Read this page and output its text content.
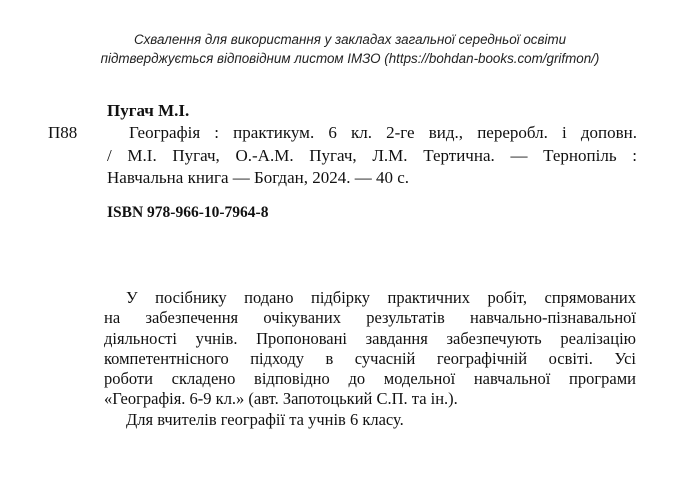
Схвалення для використання у закладах загальної середньої освіти
підтверджується відповідним листом ІМЗО (https://bohdan-books.com/grifmon/)
П88
Пугач М.І.
Географія : практикум. 6 кл. 2-ге вид., переробл. і доповн.
/ М.І. Пугач, О.-А.М. Пугач, Л.М. Тертична. — Тернопіль :
Навчальна книга — Богдан, 2024. — 40 с.
ISBN 978-966-10-7964-8
У посібнику подано підбірку практичних робіт, спрямованих
на забезпечення очікуваних результатів навчально-пізнавальної
діяльності учнів. Пропоновані завдання забезпечують реалізацію
компетентнісного підходу в сучасній географічній освіті. Усі
роботи складено відповідно до модельної навчальної програми
«Географія. 6-9 кл.» (авт. Запотоцький С.П. та ін.).
Для вчителів географії та учнів 6 класу.
